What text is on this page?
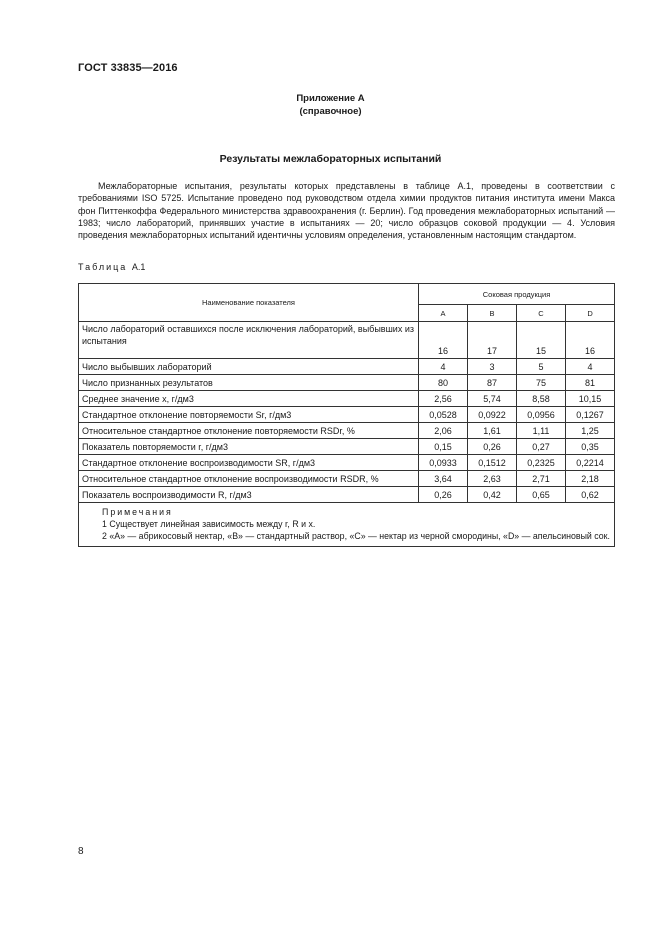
ГОСТ 33835—2016
Приложение А
(справочное)
Результаты межлабораторных испытаний

Межлабораторные испытания, результаты которых представлены в таблице А.1, проведены в соответствии с требованиями ISO 5725. Испытание проведено под руководством отдела химии продуктов питания института имени Макса фон Питтенкоффа Федерального министерства здравоохранения (г. Берлин). Год проведения межлабораторных испытаний — 1983; число лабораторий, принявших участие в испытаниях — 20; число образцов соковой продукции — 4. Условия проведения межлабораторных испытаний идентичны условиям определения, установленным настоящим стандартом.

Таблица А.1
Наименование показателя	Соковая продукция			
	A	B	C	D
Число лабораторий оставшихся после исключения лабораторий, выбывших из испытания	16	17	15	16
Число выбывших лабораторий	4	3	5	4
Число признанных результатов	80	87	75	81
Среднее значение x, г/дм3	2,56	5,74	8,58	10,15
Стандартное отклонение повторяемости Sr, г/дм3	0,0528	0,0922	0,0956	0,1267
Относительное стандартное отклонение повторяемости RSDr, %	2,06	1,61	1,11	1,25
Показатель повторяемости r, г/дм3	0,15	0,26	0,27	0,35
Стандартное отклонение воспроизводимости SR, г/дм3	0,0933	0,1512	0,2325	0,2214
Относительное стандартное отклонение воспроизводимости RSDR, %	3,64	2,63	2,71	2,18
Показатель воспроизводимости R, г/дм3	0,26	0,42	0,65	0,62

Примечания
1 Существует линейная зависимость между r, R и x.
2 «А» — абрикосовый нектар, «В» — стандартный раствор, «С» — нектар из черной смородины, «D» — апельсиновый сок.				
8
